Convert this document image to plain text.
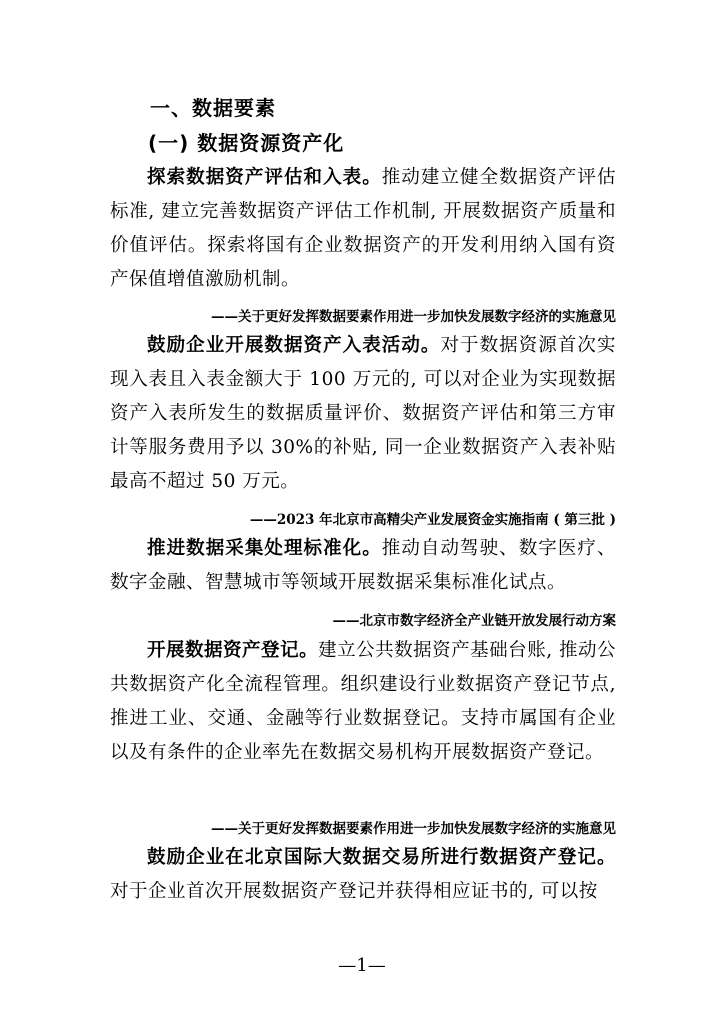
一、数据要素
(一) 数据资源资产化

探索数据资产评估和入表。推动建立健全数据资产评估标准, 建立完善数据资产评估工作机制, 开展数据资产质量和价值评估。探索将国有企业数据资产的开发利用纳入国有资产保值增值激励机制。

——关于更好发挥数据要素作用进一步加快发展数字经济的实施意见

鼓励企业开展数据资产入表活动。对于数据资源首次实现入表且入表金额大于 100 万元的, 可以对企业为实现数据资产入表所发生的数据质量评价、数据资产评估和第三方审计等服务费用予以 30%的补贴, 同一企业数据资产入表补贴最高不超过 50 万元。

——2023 年北京市高精尖产业发展资金实施指南 ( 第三批 )

推进数据采集处理标准化。推动自动驾驶、数字医疗、数字金融、智慧城市等领域开展数据采集标准化试点。

——北京市数字经济全产业链开放发展行动方案

开展数据资产登记。建立公共数据资产基础台账, 推动公共数据资产化全流程管理。组织建设行业数据资产登记节点, 推进工业、交通、金融等行业数据登记。支持市属国有企业以及有条件的企业率先在数据交易机构开展数据资产登记。

——关于更好发挥数据要素作用进一步加快发展数字经济的实施意见

鼓励企业在北京国际大数据交易所进行数据资产登记。对于企业首次开展数据资产登记并获得相应证书的, 可以按

—1—
